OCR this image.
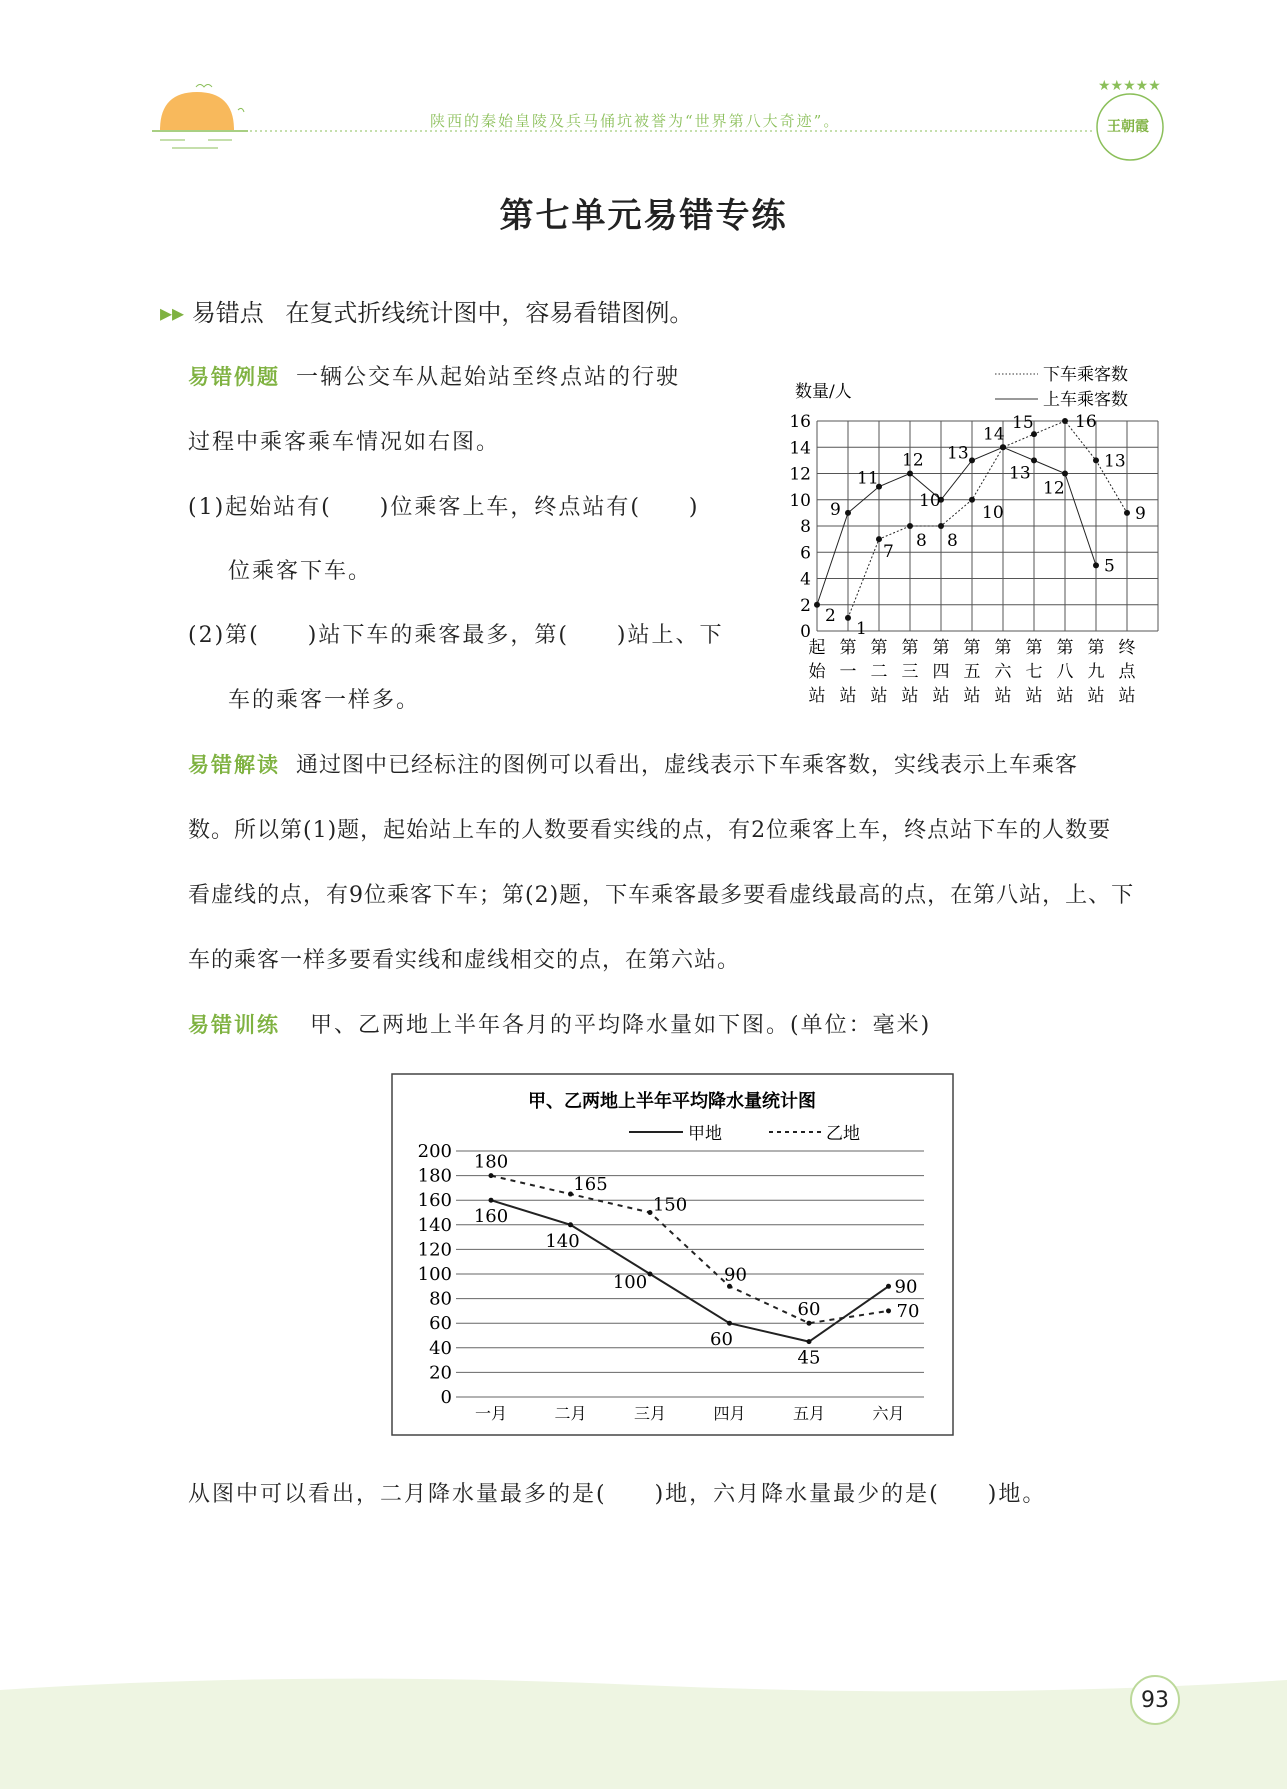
★★★★★
陕西的秦始皇陵及兵马俑坑被誉为“世界第八大奇迹”。	王朝霞
第七单元易错专练
▸▸ 易错点 在复式折线统计图中，容易看错图例。
易错例题 一辆公交车从起始站至终点站的行驶
过程中乘客乘车情况如右图。
(1)起始站有(　　)位乘客上车，终点站有(　　)
位乘客下车。
(2)第(　　)站下车的乘客最多，第(　　)站上、下
车的乘客一样多。
0
2
4
6
8
10
12
14
16
数量/人
下车乘客数
上车乘客数
起
始
站
第
一
站
第
二
站
第
三
站
第
四
站
第
五
站
第
六
站
第
七
站
第
八
站
第
九
站
终
点
站
2
9
11
12
10
13
14
13
12
5
1
7
8 8
10
15 16
13
9
易错解读 通过图中已经标注的图例可以看出，虚线表示下车乘客数，实线表示上车乘客
数。所以第(1)题，起始站上车的人数要看实线的点，有2位乘客上车，终点站下车的人数要
看虚线的点，有9位乘客下车；第(2)题，下车乘客最多要看虚线最高的点，在第八站，上、下
车的乘客一样多要看实线和虚线相交的点，在第六站。
易错训练 甲、乙两地上半年各月的平均降水量如下图。(单位：毫米)
甲、乙两地上半年平均降水量统计图
甲地	乙地
0
20
40
60
80
100
120
140
160
180
200
一月	二月	三月	四月	五月	六月
160
140
100
60
45
90
180
165
150
90
60	70
从图中可以看出，二月降水量最多的是(　　)地，六月降水量最少的是(　　)地。
93
